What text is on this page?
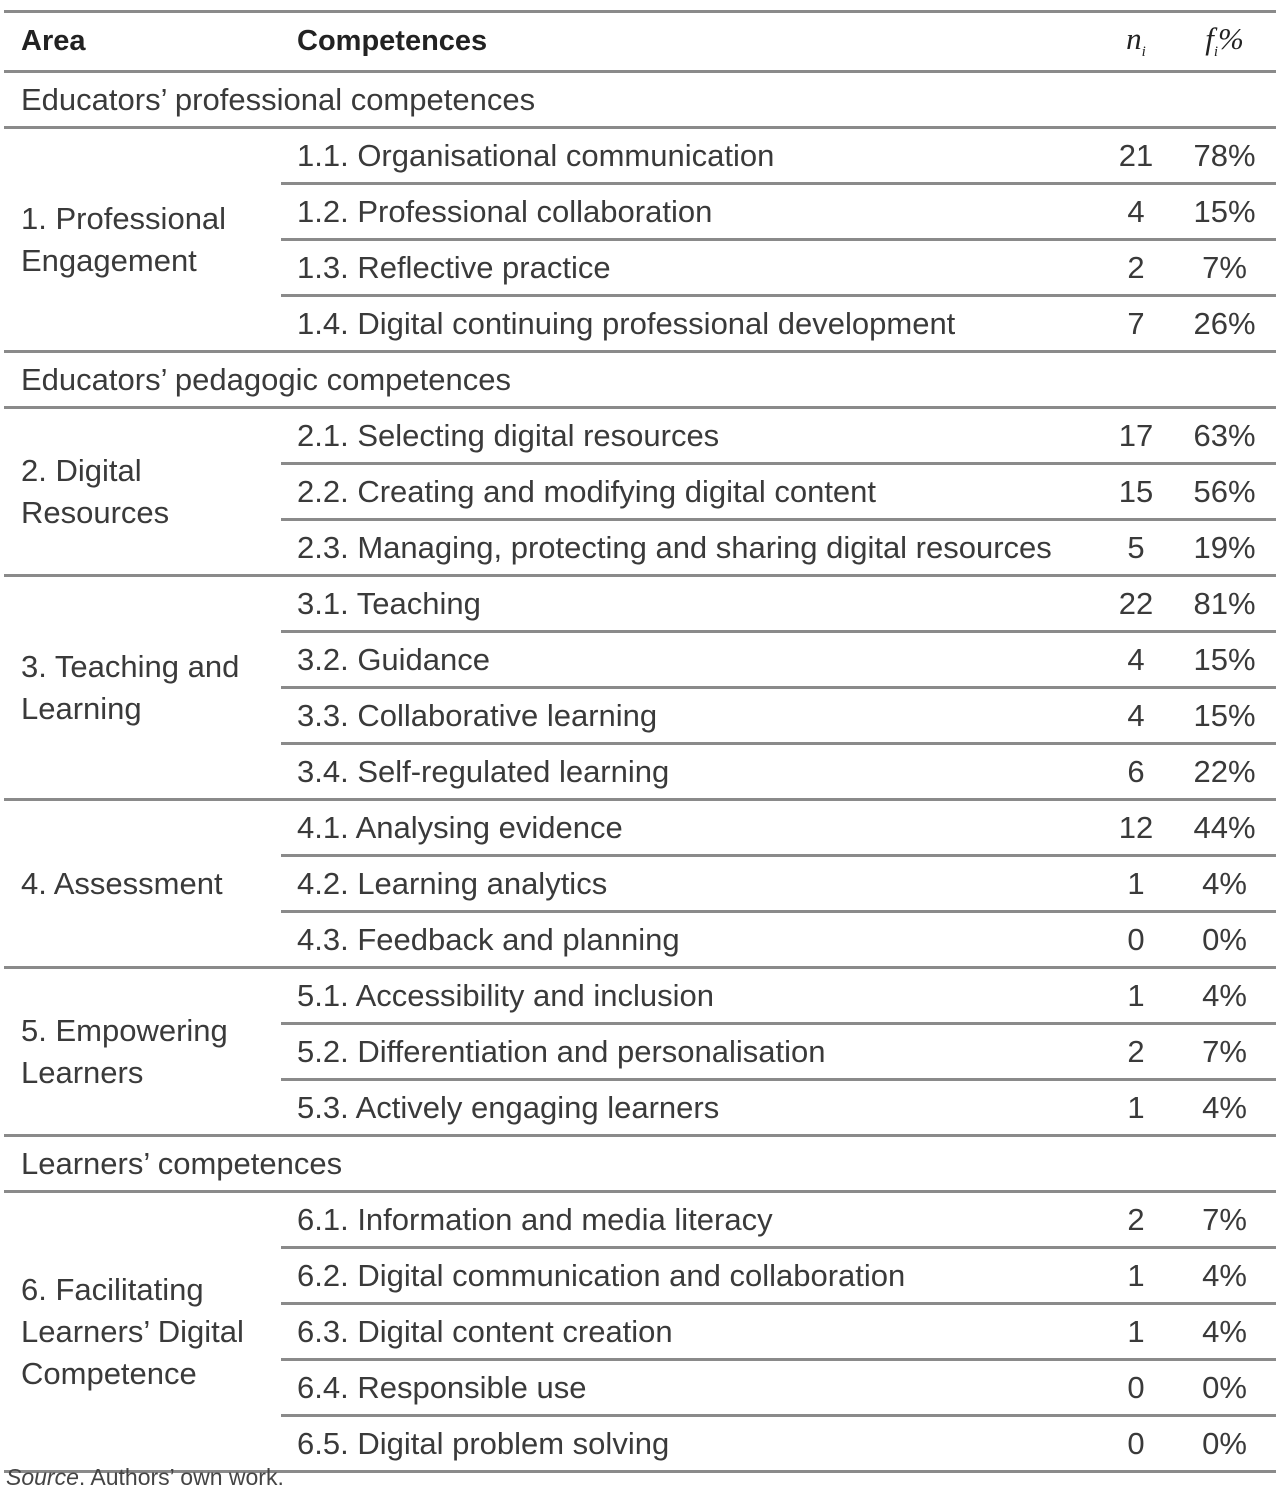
Area	Competences	$n_i$	$f_i\%$
Educators’ professional competences			
1. Professional
Engagement	1.1. Organisational communication	21	78%
	1.2. Professional collaboration	4	15%
	1.3. Reflective practice	2	7%
	1.4. Digital continuing professional development	7	26%
Educators’ pedagogic competences			
2. Digital
Resources	2.1. Selecting digital resources	17	63%
	2.2. Creating and modifying digital content	15	56%
	2.3. Managing, protecting and sharing digital resources	5	19%
3. Teaching and
Learning	3.1. Teaching	22	81%
	3.2. Guidance	4	15%
	3.3. Collaborative learning	4	15%
	3.4. Self-regulated learning	6	22%
4. Assessment	4.1. Analysing evidence	12	44%
	4.2. Learning analytics	1	4%
	4.3. Feedback and planning	0	0%
5. Empowering
Learners	5.1. Accessibility and inclusion	1	4%
	5.2. Differentiation and personalisation	2	7%
	5.3. Actively engaging learners	1	4%
Learners’ competences			
6. Facilitating
Learners’ Digital
Competence	6.1. Information and media literacy	2	7%
	6.2. Digital communication and collaboration	1	4%
	6.3. Digital content creation	1	4%
	6.4. Responsible use	0	0%
	6.5. Digital problem solving	0	0%
Source. Authors’ own work.
